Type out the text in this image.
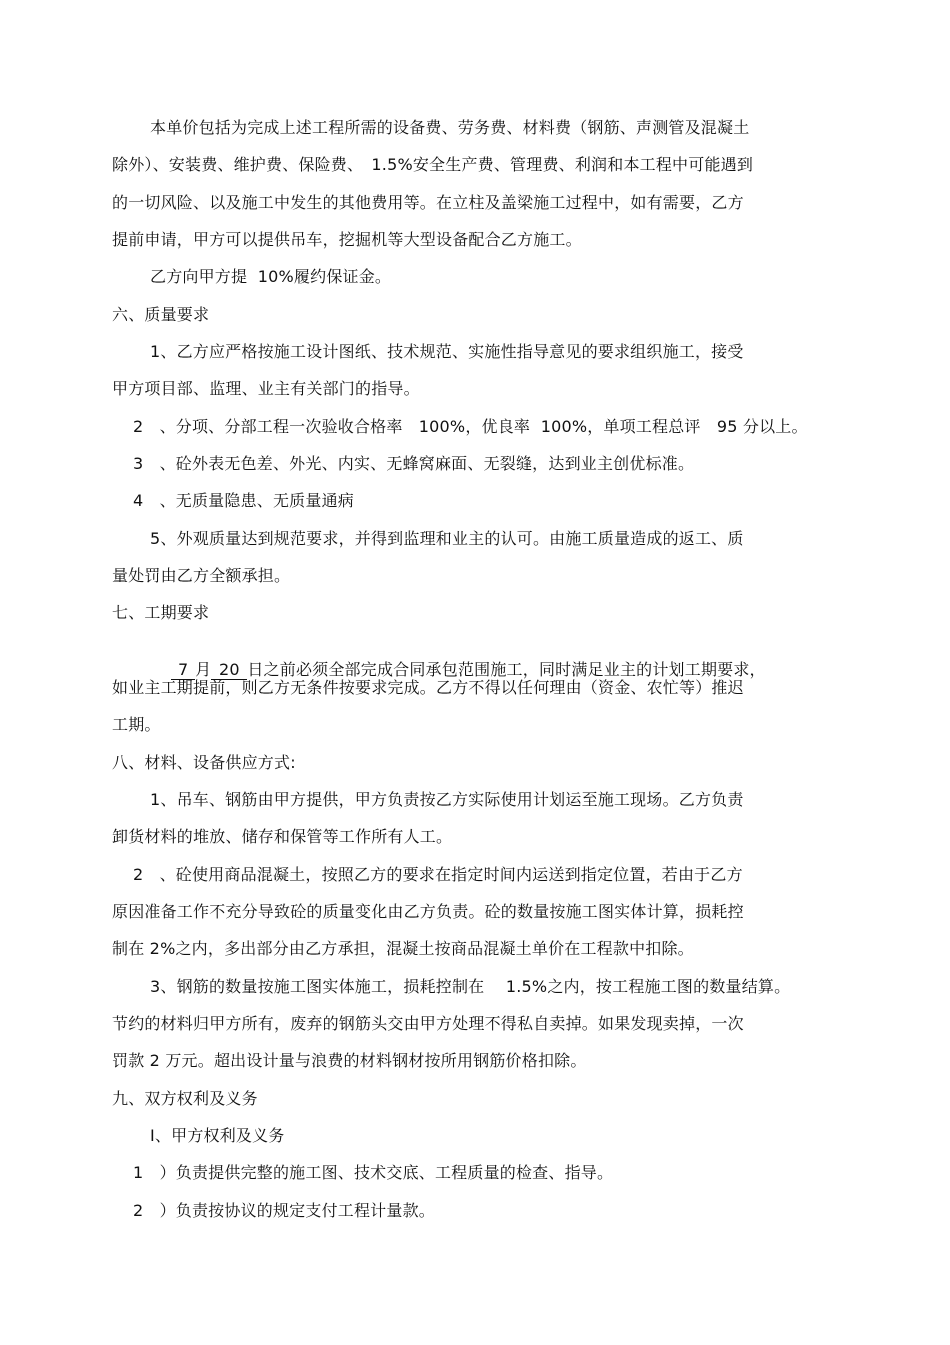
本单价包括为完成上述工程所需的设备费、劳务费、材料费（钢筋、声测管及混凝土
除外）、安装费、维护费、保险费、　1.5%安全生产费、管理费、利润和本工程中可能遇到
的一切风险、以及施工中发生的其他费用等。在立柱及盖梁施工过程中，如有需要，乙方
提前申请，甲方可以提供吊车，挖掘机等大型设备配合乙方施工。
乙方向甲方提  10%履约保证金。
六、质量要求
1、乙方应严格按施工设计图纸、技术规范、实施性指导意见的要求组织施工，接受
甲方项目部、监理、业主有关部门的指导。
2　、分项、分部工程一次验收合格率　100%，优良率  100%，单项工程总评　95 分以上。
3　、砼外表无色差、外光、内实、无蜂窝麻面、无裂缝，达到业主创优标准。
4　、无质量隐患、无质量通病
5、外观质量达到规范要求，并得到监理和业主的认可。由施工质量造成的返工、质
量处罚由乙方全额承担。
七、工期要求

7 月 20 日之前必须全部完成合同承包范围施工，同时满足业主的计划工期要求，

如业主工期提前，则乙方无条件按要求完成。乙方不得以任何理由（资金、农忙等）推迟
工期。
八、材料、设备供应方式:
1、吊车、钢筋由甲方提供，甲方负责按乙方实际使用计划运至施工现场。乙方负责
卸货材料的堆放、储存和保管等工作所有人工。
2　、砼使用商品混凝土，按照乙方的要求在指定时间内运送到指定位置，若由于乙方
原因准备工作不充分导致砼的质量变化由乙方负责。砼的数量按施工图实体计算，损耗控
制在 2%之内，多出部分由乙方承担，混凝土按商品混凝土单价在工程款中扣除。
3、钢筋的数量按施工图实体施工，损耗控制在　 1.5%之内，按工程施工图的数量结算。
节约的材料归甲方所有，废弃的钢筋头交由甲方处理不得私自卖掉。如果发现卖掉，一次
罚款 2 万元。超出设计量与浪费的材料钢材按所用钢筋价格扣除。
九、双方权利及义务
I、甲方权利及义务
1　）负责提供完整的施工图、技术交底、工程质量的检查、指导。
2　）负责按协议的规定支付工程计量款。
